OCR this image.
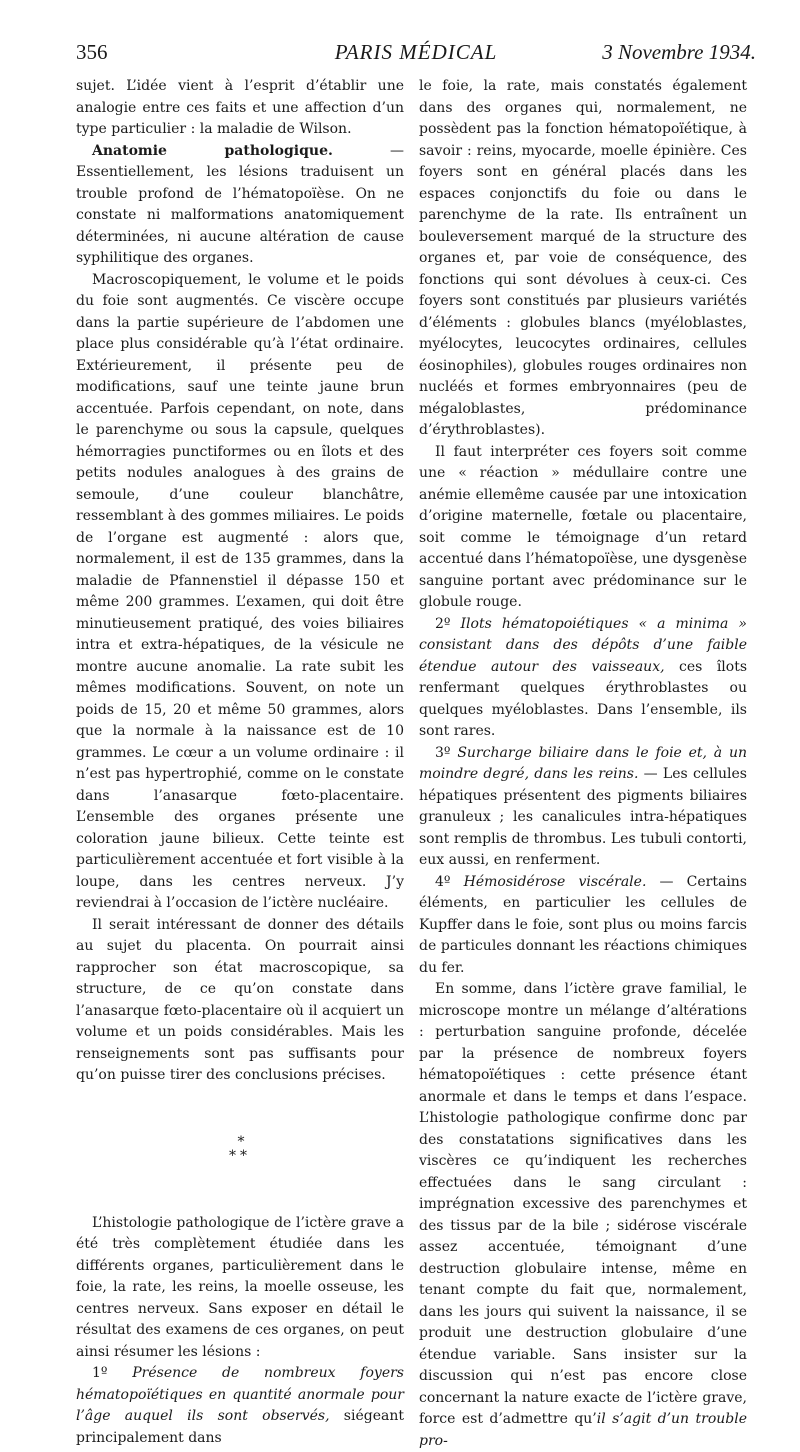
356	PARIS MÉDICAL	3 Novembre 1934.

sujet. L’idée vient à l’esprit d’établir une analogie entre ces faits et une affection d’un type particulier : la maladie de Wilson.

Anatomie pathologique. — Essentiellement, les lésions traduisent un trouble profond de l’hématopoïèse. On ne constate ni malformations anatomiquement déterminées, ni aucune altération de cause syphilitique des organes.

Macroscopiquement, le volume et le poids du foie sont augmentés. Ce viscère occupe dans la partie supérieure de l’abdomen une place plus considérable qu’à l’état ordinaire. Extérieurement, il présente peu de modifications, sauf une teinte jaune brun accentuée. Parfois cependant, on note, dans le parenchyme ou sous la capsule, quelques hémorragies punctiformes ou en îlots et des petits nodules analogues à des grains de semoule, d’une couleur blanchâtre, ressemblant à des gommes miliaires. Le poids de l’organe est augmenté : alors que, normalement, il est de 135 grammes, dans la maladie de Pfannenstiel il dépasse 150 et même 200 grammes. L’examen, qui doit être minutieusement pratiqué, des voies biliaires intra et extra-hépatiques, de la vésicule ne montre aucune anomalie. La rate subit les mêmes modifications. Souvent, on note un poids de 15, 20 et même 50 grammes, alors que la normale à la naissance est de 10 grammes. Le cœur a un volume ordinaire : il n’est pas hypertrophié, comme on le constate dans l’anasarque fœto-placentaire. L’ensemble des organes présente une coloration jaune bilieux. Cette teinte est particulièrement accentuée et fort visible à la loupe, dans les centres nerveux. J’y reviendrai à l’occasion de l’ictère nucléaire.

Il serait intéressant de donner des détails au sujet du placenta. On pourrait ainsi rapprocher son état macroscopique, sa structure, de ce qu’on constate dans l’anasarque fœto-placentaire où il acquiert un volume et un poids considérables. Mais les renseignements sont pas suffisants pour qu’on puisse tirer des conclusions précises.

*
**

L’histologie pathologique de l’ictère grave a été très complètement étudiée dans les différents organes, particulièrement dans le foie, la rate, les reins, la moelle osseuse, les centres nerveux. Sans exposer en détail le résultat des examens de ces organes, on peut ainsi résumer les lésions :

1º Présence de nombreux foyers hématopoïétiques en quantité anormale pour l’âge auquel ils sont observés, siégeant principalement dans

le foie, la rate, mais constatés également dans des organes qui, normalement, ne possèdent pas la fonction hématopoïétique, à savoir : reins, myocarde, moelle épinière. Ces foyers sont en général placés dans les espaces conjonctifs du foie ou dans le parenchyme de la rate. Ils entraînent un bouleversement marqué de la structure des organes et, par voie de conséquence, des fonctions qui sont dévolues à ceux-ci. Ces foyers sont constitués par plusieurs variétés d’éléments : globules blancs (myéloblastes, myélocytes, leucocytes ordinaires, cellules éosinophiles), globules rouges ordinaires non nucléés et formes embryonnaires (peu de mégaloblastes, prédominance d’érythroblastes).

Il faut interpréter ces foyers soit comme une « réaction » médullaire contre une anémie ellemême causée par une intoxication d’origine maternelle, fœtale ou placentaire, soit comme le témoignage d’un retard accentué dans l’hématopoïèse, une dysgenèse sanguine portant avec prédominance sur le globule rouge.

2º Ilots hématopoiétiques « a minima » consistant dans des dépôts d’une faible étendue autour des vaisseaux, ces îlots renfermant quelques érythroblastes ou quelques myéloblastes. Dans l’ensemble, ils sont rares.

3º Surcharge biliaire dans le foie et, à un moindre degré, dans les reins. — Les cellules hépatiques présentent des pigments biliaires granuleux ; les canalicules intra-hépatiques sont remplis de thrombus. Les tubuli contorti, eux aussi, en renferment.

4º Hémosidérose viscérale. — Certains éléments, en particulier les cellules de Kupffer dans le foie, sont plus ou moins farcis de particules donnant les réactions chimiques du fer.

En somme, dans l’ictère grave familial, le microscope montre un mélange d’altérations : perturbation sanguine profonde, décelée par la présence de nombreux foyers hématopoïétiques : cette présence étant anormale et dans le temps et dans l’espace. L’histologie pathologique confirme donc par des constatations significatives dans les viscères ce qu’indiquent les recherches effectuées dans le sang circulant : imprégnation excessive des parenchymes et des tissus par de la bile ; sidérose viscérale assez accentuée, témoignant d’une destruction globulaire intense, même en tenant compte du fait que, normalement, dans les jours qui suivent la naissance, il se produit une destruction globulaire d’une étendue variable. Sans insister sur la discussion qui n’est pas encore close concernant la nature exacte de l’ictère grave, force est d’admettre qu’il s’agit d’un trouble pro-
